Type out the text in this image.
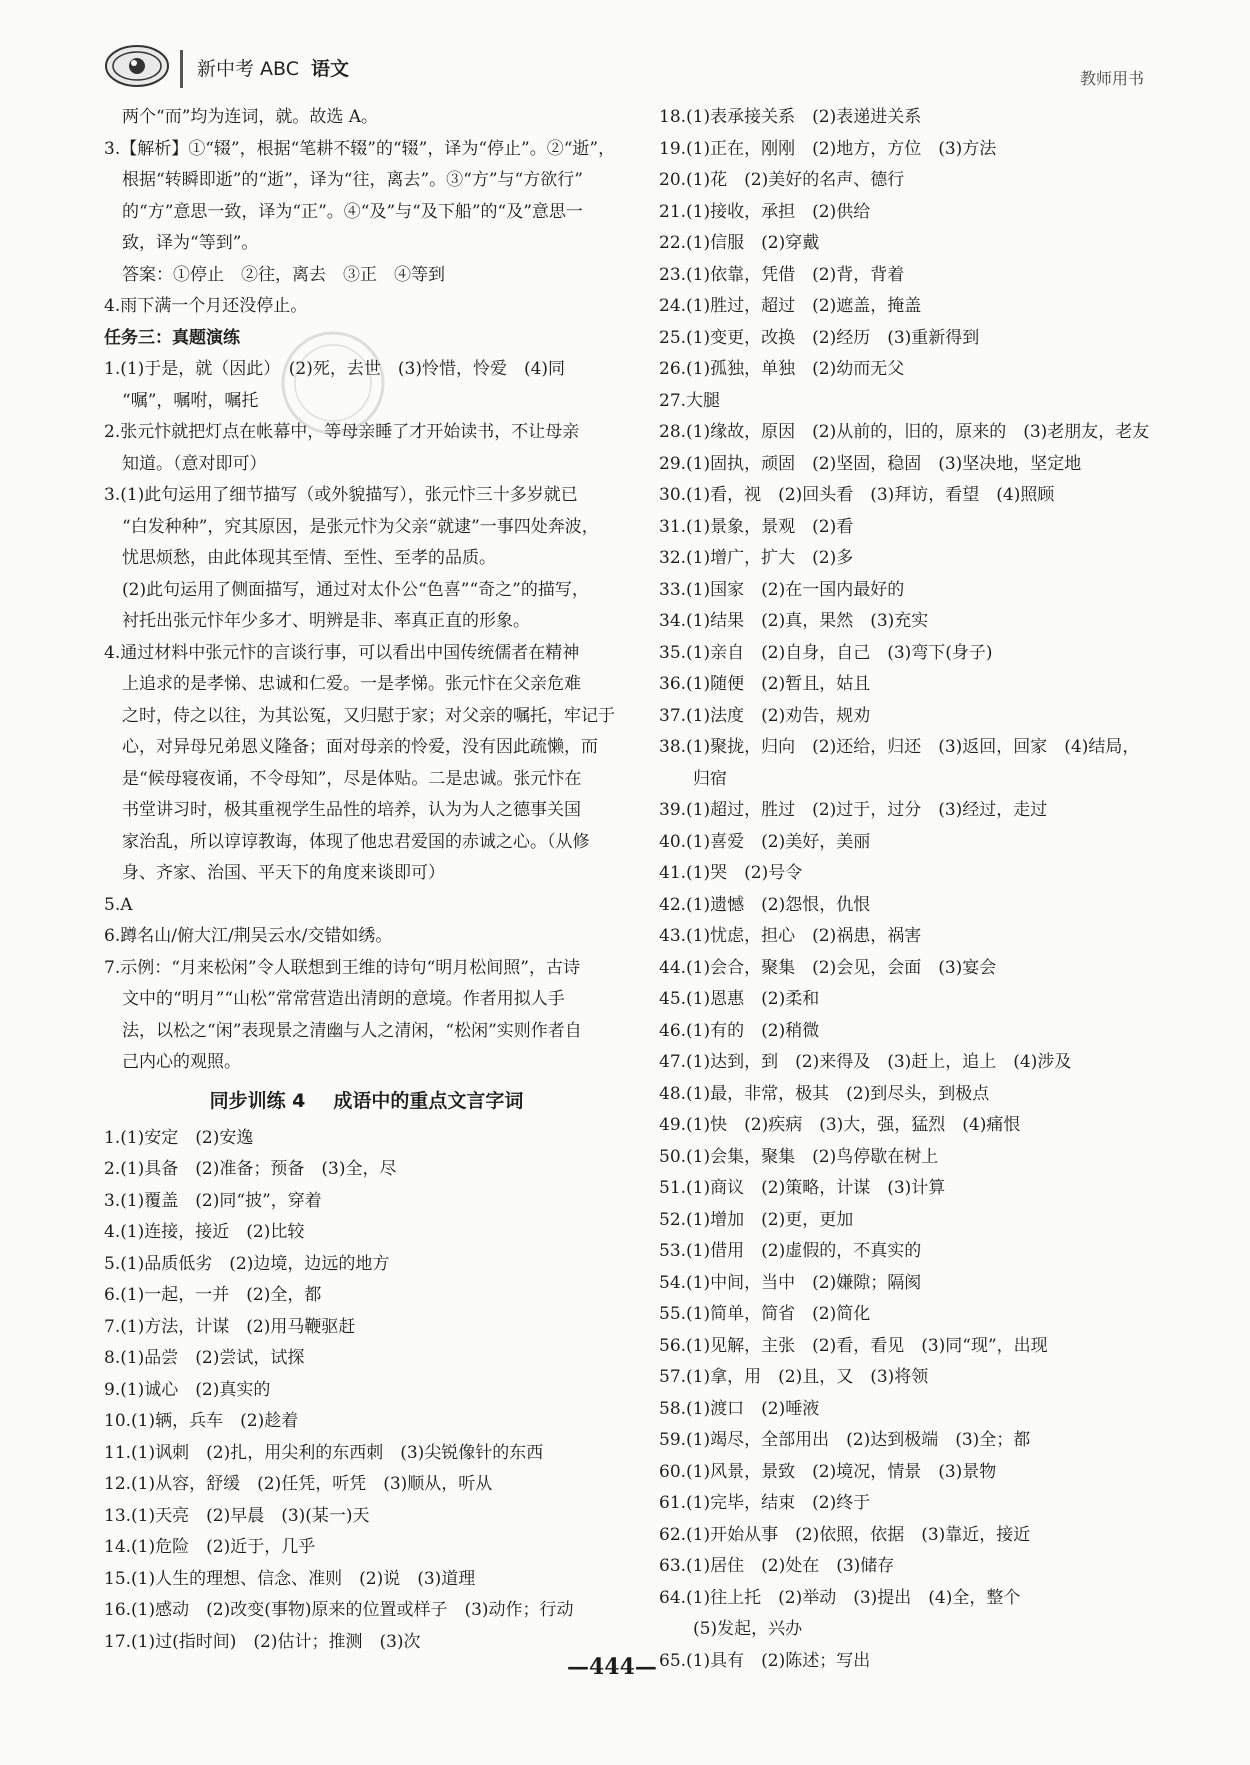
新中考 ABC 语文	教师用书
两个“而”均为连词，就。故选 A。
3.【解析】①“辍”，根据“笔耕不辍”的“辍”，译为“停止”。②“逝”，
根据“转瞬即逝”的“逝”，译为“往，离去”。③“方”与“方欲行”
的“方”意思一致，译为“正”。④“及”与“及下船”的“及”意思一
致，译为“等到”。
答案：①停止　②往，离去　③正　④等到
4.雨下满一个月还没停止。
任务三：真题演练
1.(1)于是，就（因此）　(2)死，去世　(3)怜惜，怜爱　(4)同
“嘱”，嘱咐，嘱托
2.张元忭就把灯点在帐幕中，等母亲睡了才开始读书，不让母亲
知道。（意对即可）
3.(1)此句运用了细节描写（或外貌描写），张元忭三十多岁就已
“白发种种”，究其原因，是张元忭为父亲“就逮”一事四处奔波，
忧思烦愁，由此体现其至情、至性、至孝的品质。
(2)此句运用了侧面描写，通过对太仆公“色喜”“奇之”的描写，
衬托出张元忭年少多才、明辨是非、率真正直的形象。
4.通过材料中张元忭的言谈行事，可以看出中国传统儒者在精神
上追求的是孝悌、忠诚和仁爱。一是孝悌。张元忭在父亲危难
之时，侍之以往，为其讼冤，又归慰于家；对父亲的嘱托，牢记于
心，对异母兄弟恩义隆备；面对母亲的怜爱，没有因此疏懒，而
是“候母寝夜诵，不令母知”，尽是体贴。二是忠诚。张元忭在
书堂讲习时，极其重视学生品性的培养，认为为人之德事关国
家治乱，所以谆谆教诲，体现了他忠君爱国的赤诚之心。（从修
身、齐家、治国、平天下的角度来谈即可）
5.A
6.蹲名山/俯大江/荆吴云水/交错如绣。
7.示例：“月来松闲”令人联想到王维的诗句“明月松间照”，古诗
文中的“明月”“山松”常常营造出清朗的意境。作者用拟人手
法，以松之“闲”表现景之清幽与人之清闲，“松闲”实则作者自
己内心的观照。
同步训练 4 成语中的重点文言字词
1.(1)安定　(2)安逸
2.(1)具备　(2)准备；预备　(3)全，尽
3.(1)覆盖　(2)同“披”，穿着
4.(1)连接，接近　(2)比较
5.(1)品质低劣　(2)边境，边远的地方
6.(1)一起，一并　(2)全，都
7.(1)方法，计谋　(2)用马鞭驱赶
8.(1)品尝　(2)尝试，试探
9.(1)诚心　(2)真实的
10.(1)辆，兵车　(2)趁着
11.(1)讽刺　(2)扎，用尖利的东西刺　(3)尖锐像针的东西
12.(1)从容，舒缓　(2)任凭，听凭　(3)顺从，听从
13.(1)天亮　(2)早晨　(3)(某一)天
14.(1)危险　(2)近于，几乎
15.(1)人生的理想、信念、准则　(2)说　(3)道理
16.(1)感动　(2)改变(事物)原来的位置或样子　(3)动作；行动
17.(1)过(指时间)　(2)估计；推测　(3)次
18.(1)表承接关系　(2)表递进关系
19.(1)正在，刚刚　(2)地方，方位　(3)方法
20.(1)花　(2)美好的名声、德行
21.(1)接收，承担　(2)供给
22.(1)信服　(2)穿戴
23.(1)依靠，凭借　(2)背，背着
24.(1)胜过，超过　(2)遮盖，掩盖
25.(1)变更，改换　(2)经历　(3)重新得到
26.(1)孤独，单独　(2)幼而无父
27.大腿
28.(1)缘故，原因　(2)从前的，旧的，原来的　(3)老朋友，老友
29.(1)固执，顽固　(2)坚固，稳固　(3)坚决地，坚定地
30.(1)看，视　(2)回头看　(3)拜访，看望　(4)照顾
31.(1)景象，景观　(2)看
32.(1)增广，扩大　(2)多
33.(1)国家　(2)在一国内最好的
34.(1)结果　(2)真，果然　(3)充实
35.(1)亲自　(2)自身，自己　(3)弯下(身子)
36.(1)随便　(2)暂且，姑且
37.(1)法度　(2)劝告，规劝
38.(1)聚拢，归向　(2)还给，归还　(3)返回，回家　(4)结局，
归宿
39.(1)超过，胜过　(2)过于，过分　(3)经过，走过
40.(1)喜爱　(2)美好，美丽
41.(1)哭　(2)号令
42.(1)遗憾　(2)怨恨，仇恨
43.(1)忧虑，担心　(2)祸患，祸害
44.(1)会合，聚集　(2)会见，会面　(3)宴会
45.(1)恩惠　(2)柔和
46.(1)有的　(2)稍微
47.(1)达到，到　(2)来得及　(3)赶上，追上　(4)涉及
48.(1)最，非常，极其　(2)到尽头，到极点
49.(1)快　(2)疾病　(3)大，强，猛烈　(4)痛恨
50.(1)会集，聚集　(2)鸟停歇在树上
51.(1)商议　(2)策略，计谋　(3)计算
52.(1)增加　(2)更，更加
53.(1)借用　(2)虚假的，不真实的
54.(1)中间，当中　(2)嫌隙；隔阂
55.(1)简单，简省　(2)简化
56.(1)见解，主张　(2)看，看见　(3)同“现”，出现
57.(1)拿，用　(2)且，又　(3)将领
58.(1)渡口　(2)唾液
59.(1)竭尽，全部用出　(2)达到极端　(3)全；都
60.(1)风景，景致　(2)境况，情景　(3)景物
61.(1)完毕，结束　(2)终于
62.(1)开始从事　(2)依照，依据　(3)靠近，接近
63.(1)居住　(2)处在　(3)储存
64.(1)往上托　(2)举动　(3)提出　(4)全，整个
(5)发起，兴办
65.(1)具有　(2)陈述；写出
—444—
